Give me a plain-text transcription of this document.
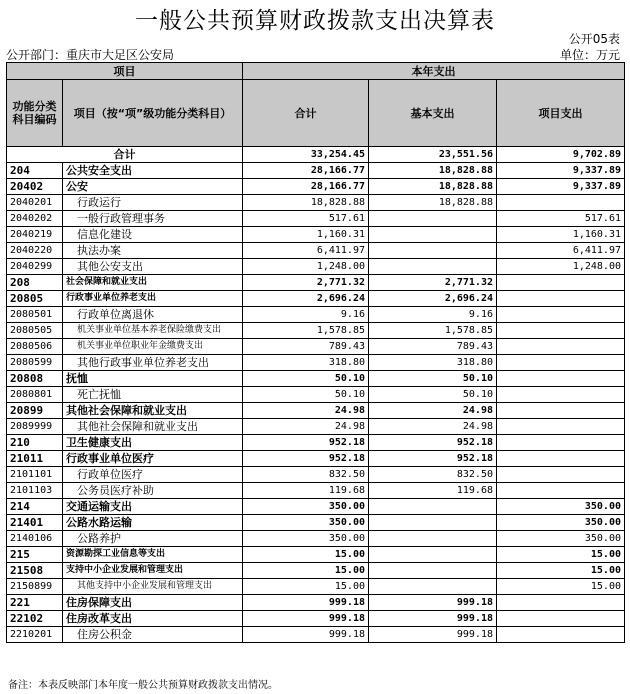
一般公共预算财政拨款支出决算表
公开05表
公开部门：重庆市大足区公安局	单位：万元
项目		本年支出		
功能分类科目编码	项目（按“项”级功能分类科目）	合计	基本支出	项目支出
合计		33,254.45	23,551.56	9,702.89
204	公共安全支出	28,166.77	18,828.88	9,337.89
20402	公安	28,166.77	18,828.88	9,337.89
2040201	行政运行	18,828.88	18,828.88	
2040202	一般行政管理事务	517.61		517.61
2040219	信息化建设	1,160.31		1,160.31
2040220	执法办案	6,411.97		6,411.97
2040299	其他公安支出	1,248.00		1,248.00
208	社会保障和就业支出	2,771.32	2,771.32	
20805	行政事业单位养老支出	2,696.24	2,696.24	
2080501	行政单位离退休	9.16	9.16	
2080505	机关事业单位基本养老保险缴费支出	1,578.85	1,578.85	
2080506	机关事业单位职业年金缴费支出	789.43	789.43	
2080599	其他行政事业单位养老支出	318.80	318.80	
20808	抚恤	50.10	50.10	
2080801	死亡抚恤	50.10	50.10	
20899	其他社会保障和就业支出	24.98	24.98	
2089999	其他社会保障和就业支出	24.98	24.98	
210	卫生健康支出	952.18	952.18	
21011	行政事业单位医疗	952.18	952.18	
2101101	行政单位医疗	832.50	832.50	
2101103	公务员医疗补助	119.68	119.68	
214	交通运输支出	350.00		350.00
21401	公路水路运输	350.00		350.00
2140106	公路养护	350.00		350.00
215	资源勘探工业信息等支出	15.00		15.00
21508	支持中小企业发展和管理支出	15.00		15.00
2150899	其他支持中小企业发展和管理支出	15.00		15.00
221	住房保障支出	999.18	999.18	
22102	住房改革支出	999.18	999.18	
2210201	住房公积金	999.18	999.18	
备注：本表反映部门本年度一般公共预算财政拨款支出情况。
